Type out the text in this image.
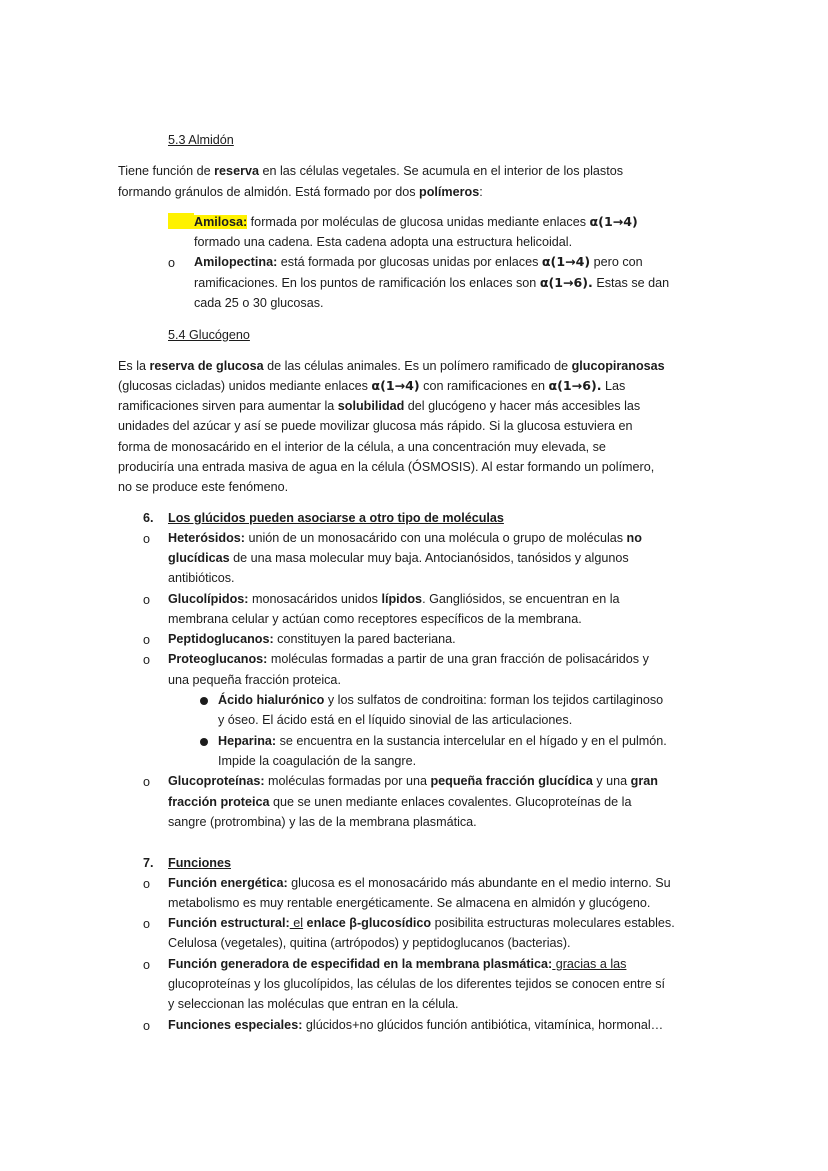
5.3 Almidón
Tiene función de reserva en las células vegetales. Se acumula en el interior de los plastos
formando gránulos de almidón. Está formado por dos polímeros:
Amilosa: formada por moléculas de glucosa unidas mediante enlaces α(1→4)
formado una cadena. Esta cadena adopta una estructura helicoidal.
o	Amilopectina: está formada por glucosas unidas por enlaces α(1→4) pero con
ramificaciones. En los puntos de ramificación los enlaces son α(1→6). Estas se dan
cada 25 o 30 glucosas.
5.4 Glucógeno
Es la reserva de glucosa de las células animales. Es un polímero ramificado de glucopiranosas
(glucosas cicladas) unidos mediante enlaces α(1→4) con ramificaciones en α(1→6). Las
ramificaciones sirven para aumentar la solubilidad del glucógeno y hacer más accesibles las
unidades del azúcar y así se puede movilizar glucosa más rápido. Si la glucosa estuviera en
forma de monosacárido en el interior de la célula, a una concentración muy elevada, se
produciría una entrada masiva de agua en la célula (ÓSMOSIS). Al estar formando un polímero,
no se produce este fenómeno.
6. Los glúcidos pueden asociarse a otro tipo de moléculas
o	Heterósidos: unión de un monosacárido con una molécula o grupo de moléculas no
glucídicas de una masa molecular muy baja. Antocianósidos, tanósidos y algunos
antibióticos.
o	Glucolípidos: monosacáridos unidos lípidos. Gangliósidos, se encuentran en la
membrana celular y actúan como receptores específicos de la membrana.
o	Peptidoglucanos: constituyen la pared bacteriana.
o	Proteoglucanos: moléculas formadas a partir de una gran fracción de polisacáridos y
una pequeña fracción proteica.
Ácido hialurónico y los sulfatos de condroitina: forman los tejidos cartilaginoso
y óseo. El ácido está en el líquido sinovial de las articulaciones.
Heparina: se encuentra en la sustancia intercelular en el hígado y en el pulmón.
Impide la coagulación de la sangre.
o	Glucoproteínas: moléculas formadas por una pequeña fracción glucídica y una gran
fracción proteica que se unen mediante enlaces covalentes. Glucoproteínas de la
sangre (protrombina) y las de la membrana plasmática.
7. Funciones
o	Función energética: glucosa es el monosacárido más abundante en el medio interno. Su
metabolismo es muy rentable energéticamente. Se almacena en almidón y glucógeno.
o	Función estructural: el enlace β-glucosídico posibilita estructuras moleculares estables.
Celulosa (vegetales), quitina (artrópodos) y peptidoglucanos (bacterias).
o	Función generadora de especifidad en la membrana plasmática: gracias a las
glucoproteínas y los glucolípidos, las células de los diferentes tejidos se conocen entre sí
y seleccionan las moléculas que entran en la célula.
o	Funciones especiales: glúcidos+no glúcidos función antibiótica, vitamínica, hormonal…
